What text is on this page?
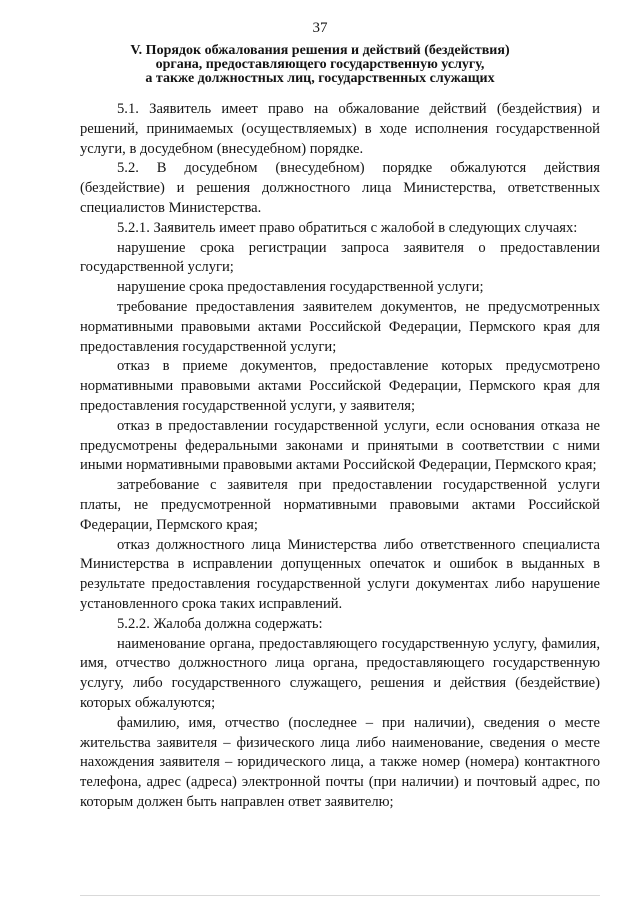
37
V. Порядок обжалования решения и действий (бездействия)
органа, предоставляющего государственную услугу,
а также должностных лиц, государственных служащих

5.1. Заявитель имеет право на обжалование действий (бездействия) и решений, принимаемых (осуществляемых) в ходе исполнения государственной услуги, в досудебном (внесудебном) порядке.

5.2. В досудебном (внесудебном) порядке обжалуются действия (бездействие) и решения должностного лица Министерства, ответственных специалистов Министерства.

5.2.1. Заявитель имеет право обратиться с жалобой в следующих случаях:

нарушение срока регистрации запроса заявителя о предоставлении государственной услуги;

нарушение срока предоставления государственной услуги;

требование предоставления заявителем документов, не предусмотренных нормативными правовыми актами Российской Федерации, Пермского края для предоставления государственной услуги;

отказ в приеме документов, предоставление которых предусмотрено нормативными правовыми актами Российской Федерации, Пермского края для предоставления государственной услуги, у заявителя;

отказ в предоставлении государственной услуги, если основания отказа не предусмотрены федеральными законами и принятыми в соответствии с ними иными нормативными правовыми актами Российской Федерации, Пермского края;

затребование с заявителя при предоставлении государственной услуги платы, не предусмотренной нормативными правовыми актами Российской Федерации, Пермского края;

отказ должностного лица Министерства либо ответственного специалиста Министерства в исправлении допущенных опечаток и ошибок в выданных в результате предоставления государственной услуги документах либо нарушение установленного срока таких исправлений.

5.2.2. Жалоба должна содержать:

наименование органа, предоставляющего государственную услугу, фамилия, имя, отчество должностного лица органа, предоставляющего государственную услугу, либо государственного служащего, решения и действия (бездействие) которых обжалуются;

фамилию, имя, отчество (последнее – при наличии), сведения о месте жительства заявителя – физического лица либо наименование, сведения о месте нахождения заявителя – юридического лица, а также номер (номера) контактного телефона, адрес (адреса) электронной почты (при наличии) и почтовый адрес, по которым должен быть направлен ответ заявителю;
